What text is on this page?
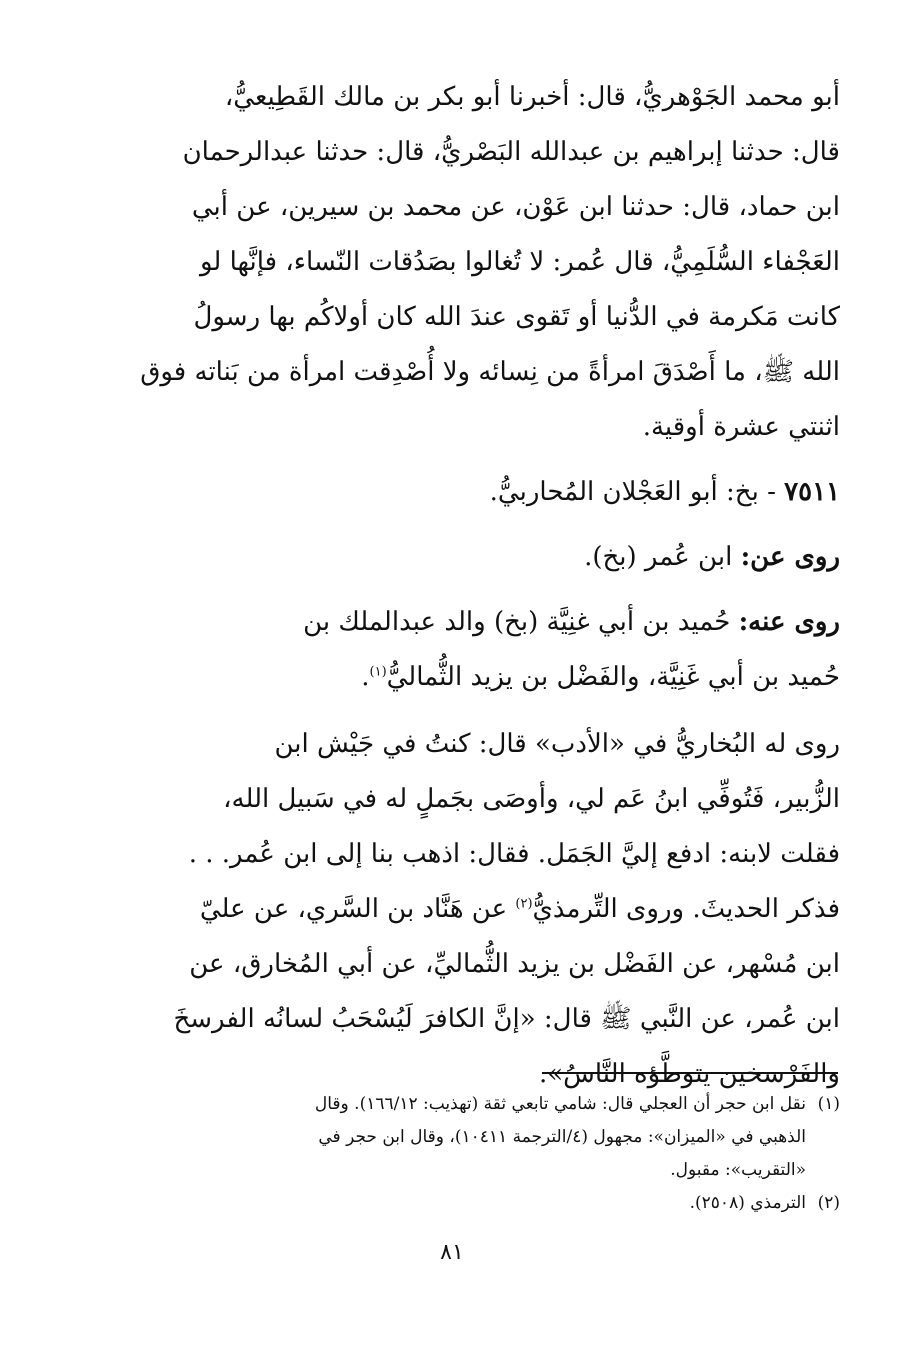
أبو محمد الجَوْهريُّ، قال: أخبرنا أبو بكر بن مالك القَطِيعيُّ،
قال: حدثنا إبراهيم بن عبدالله البَصْريُّ، قال: حدثنا عبدالرحمان
ابن حماد، قال: حدثنا ابن عَوْن، عن محمد بن سيرين، عن أبي
العَجْفاء السُّلَمِيُّ، قال عُمر: لا تُغالوا بصَدُقات النّساء، فإنَّها لو
كانت مَكرمة في الدُّنيا أو تَقوى عندَ الله كان أولاكُم بها رسولُ
الله ﷺ، ما أَصْدَقَ امرأةً من نِسائه ولا أُصْدِقت امرأة من بَناته فوق
اثنتي عشرة أوقية.
٧٥١١ - بخ: أبو العَجْلان المُحاربيُّ.
روى عن: ابن عُمر (بخ).
روى عنه: حُميد بن أبي غنِيَّة (بخ) والد عبدالملك بن
حُميد بن أبي غَنِيَّة، والفَضْل بن يزيد الثُّماليُّ$^{(١)}$.
روى له البُخاريُّ في «الأدب» قال: كنتُ في جَيْش ابن
الزُّبير، فَتُوفِّي ابنُ عَم لي، وأوصَى بجَملٍ له في سَبيل الله،
فقلت لابنه: ادفع إليَّ الجَمَل. فقال: اذهب بنا إلى ابن عُمر. . .
فذكر الحديثَ. وروى التِّرمذيُّ$^{(٢)}$ عن هَنَّاد بن السَّري، عن عليّ
ابن مُسْهر، عن الفَضْل بن يزيد الثُّماليِّ، عن أبي المُخارق، عن
ابن عُمر، عن النَّبي ﷺ قال: «إنَّ الكافرَ لَيُسْحَبُ لسانُه الفرسخَ
والفَرْسخين يتوطَّؤه النَّاسُ».
(١)نقل ابن حجر أن العجلي قال: شامي تابعي ثقة (تهذيب: ١٦٦/١٢). وقال
الذهبي في «الميزان»: مجهول (٤/الترجمة ١٠٤١١)، وقال ابن حجر في
«التقريب»: مقبول.
(٢)الترمذي (٢٥٠٨).
٨١
